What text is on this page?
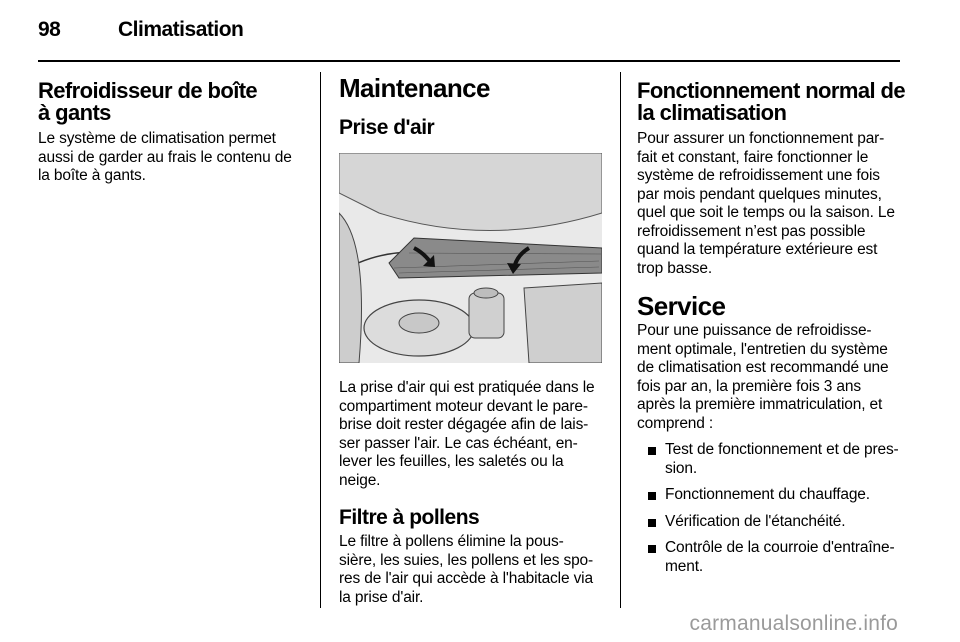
98	Climatisation
Refroidisseur de boîte
à gants
Le système de climatisation permet
aussi de garder au frais le contenu de
la boîte à gants.
Maintenance
Prise d'air
La prise d'air qui est pratiquée dans le
compartiment moteur devant le pare-
brise doit rester dégagée afin de lais-
ser passer l'air. Le cas échéant, en-
lever les feuilles, les saletés ou la
neige.
Filtre à pollens
Le filtre à pollens élimine la pous-
sière, les suies, les pollens et les spo-
res de l'air qui accède à l'habitacle via
la prise d'air.
Fonctionnement normal de
la climatisation
Pour assurer un fonctionnement par-
fait et constant, faire fonctionner le
système de refroidissement une fois
par mois pendant quelques minutes,
quel que soit le temps ou la saison. Le
refroidissement n’est pas possible
quand la température extérieure est
trop basse.
Service
Pour une puissance de refroidisse-
ment optimale, l'entretien du système
de climatisation est recommandé une
fois par an, la première fois 3 ans
après la première immatriculation, et
comprend :
Test de fonctionnement et de pres-
sion.
Fonctionnement du chauffage.
Vérification de l'étanchéité.
Contrôle de la courroie d'entraîne-
ment.
carmanualsonline.info
